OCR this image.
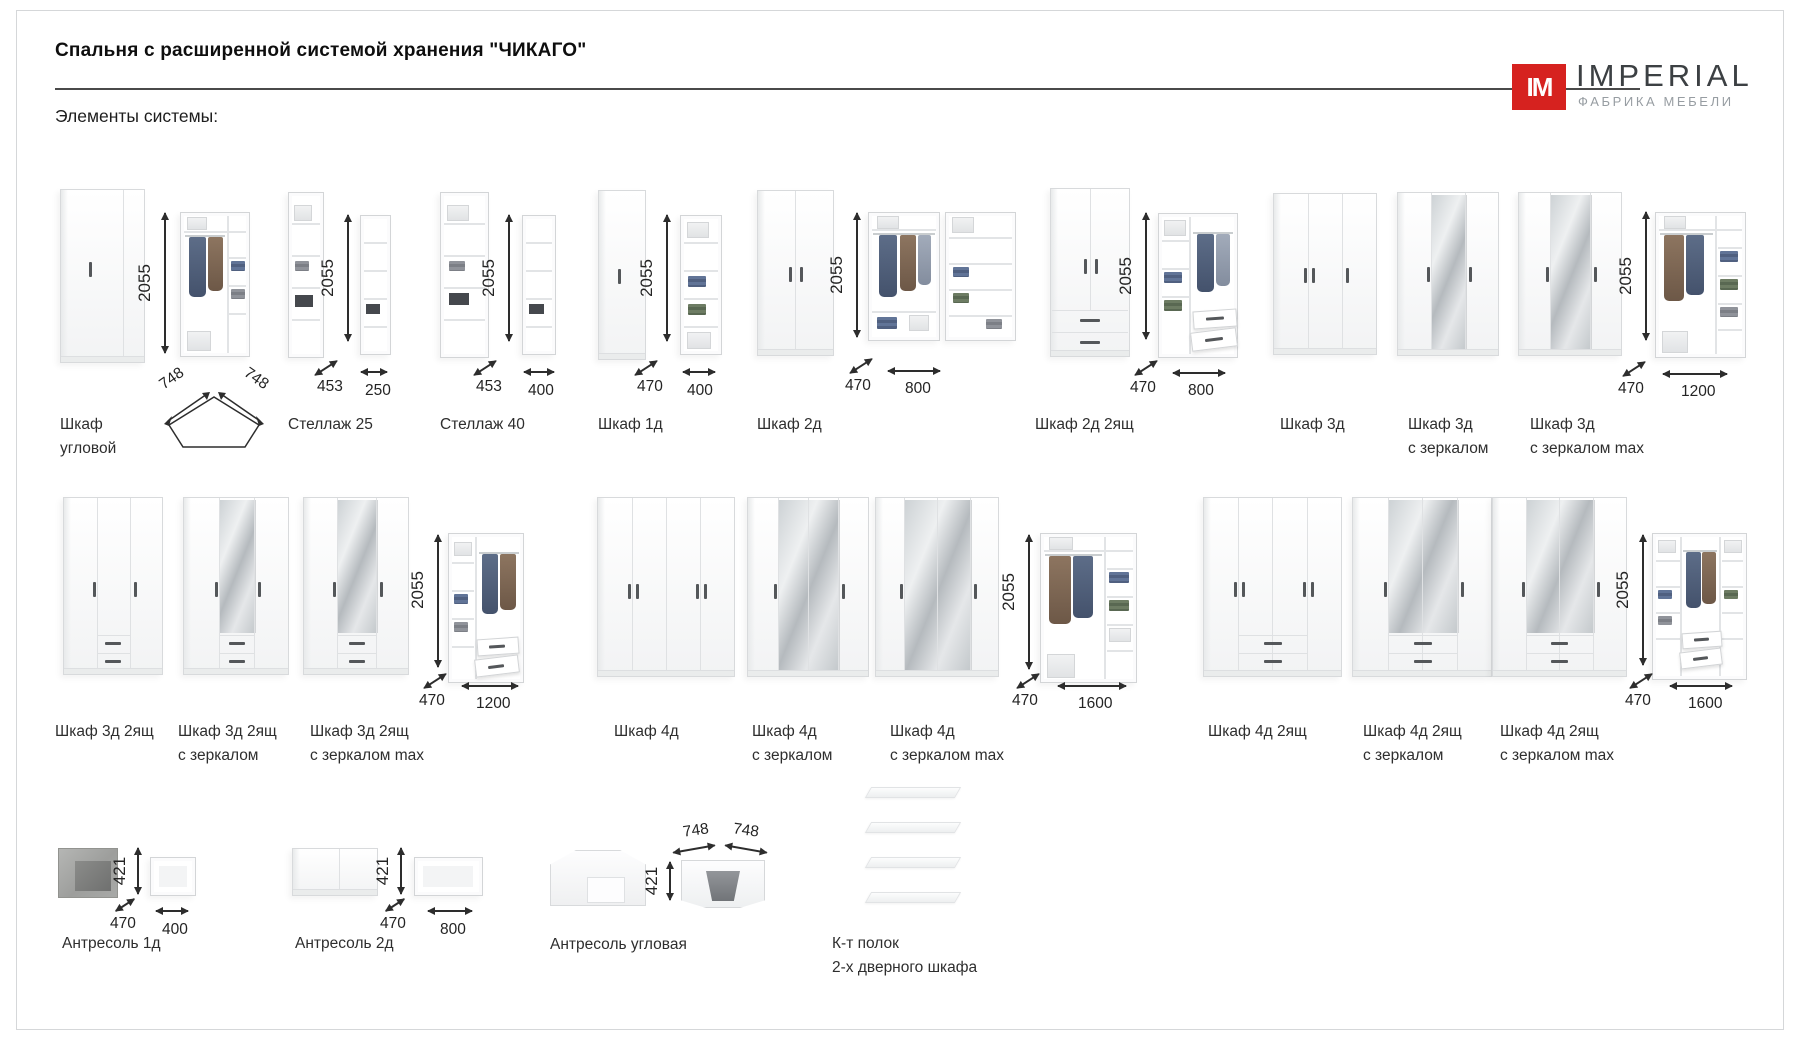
Спальня с расширенной системой хранения "ЧИКАГО"
IM IMPERIAL
ФАБРИКА МЕБЕЛИ
Элементы системы:
2055
748	748
Шкаф
угловой
2055
453 250
Стеллаж 25
2055
453 400
Стеллаж 40
2055
470 400
Шкаф 1д
2055
470 800
Шкаф 2д
2055
470 800
Шкаф 2д 2ящ	Шкаф 3д	Шкаф 3д
с зеркалом
2055
470 1200
Шкаф 3д
с зеркалом max
Шкаф 3д 2ящ Шкаф 3д 2ящ
с зеркалом
2055
470 1200
Шкаф 3д 2ящ
с зеркалом max
Шкаф 4д	Шкаф 4д
с зеркалом
2055
470	1600
Шкаф 4д
с зеркалом max
Шкаф 4д 2ящ	Шкаф 4д 2ящ
с зеркалом
2055
470 1600
Шкаф 4д 2ящ
с зеркалом max
421
470 400
Антресоль 1д
421
470 800
Антресоль 2д
748 748
421
Антресоль угловая	К-т полок
2-х дверного шкафа
